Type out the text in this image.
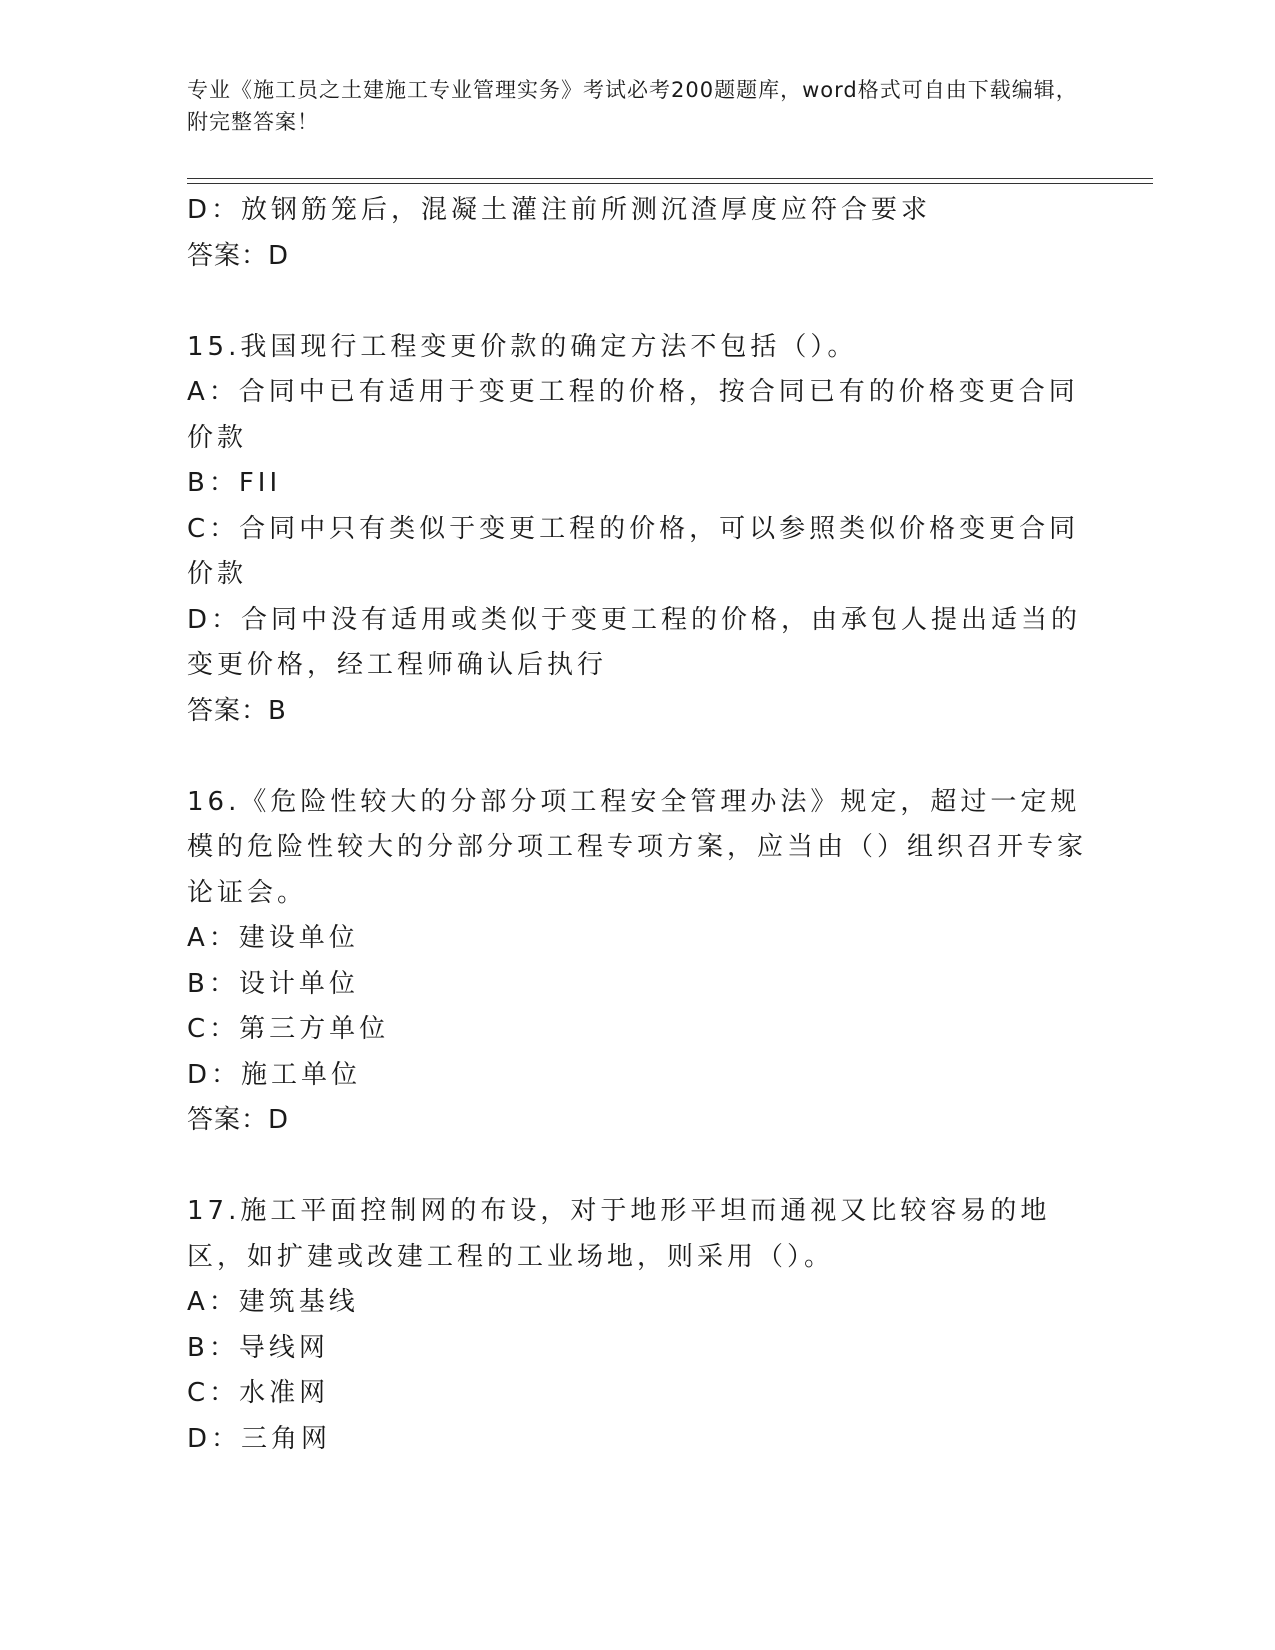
专业《施工员之土建施工专业管理实务》考试必考200题题库，word格式可自由下载编辑，附完整答案！
D：放钢筋笼后，混凝土灌注前所测沉渣厚度应符合要求
答案：D
15.我国现行工程变更价款的确定方法不包括（）。
A：合同中已有适用于变更工程的价格，按合同已有的价格变更合同价款
B：FII
C：合同中只有类似于变更工程的价格，可以参照类似价格变更合同价款
D：合同中没有适用或类似于变更工程的价格，由承包人提出适当的变更价格，经工程师确认后执行
答案：B
16.《危险性较大的分部分项工程安全管理办法》规定，超过一定规模的危险性较大的分部分项工程专项方案，应当由（）组织召开专家论证会。
A：建设单位
B：设计单位
C：第三方单位
D：施工单位
答案：D
17.施工平面控制网的布设，对于地形平坦而通视又比较容易的地区，如扩建或改建工程的工业场地，则采用（）。
A：建筑基线
B：导线网
C：水准网
D：三角网
